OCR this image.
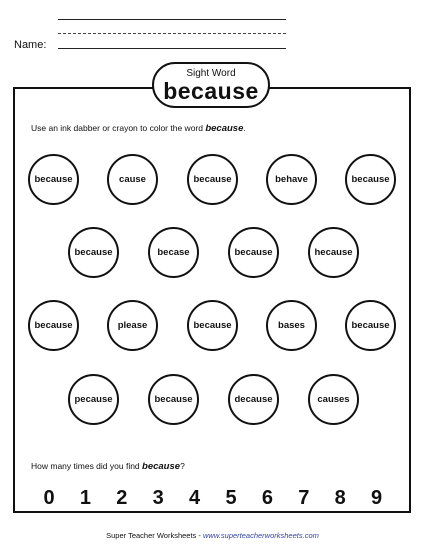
Name:
Sight Word
because
Use an ink dabber or crayon to color the word because.
because	cause	because	behave	because
because	becase	because	hecause
because	please	because	bases	because
pecause	because	decause	causes
How many times did you find because?
0 1 2 3 4 5 6 7 8 9
Super Teacher Worksheets - www.superteacherworksheets.com
